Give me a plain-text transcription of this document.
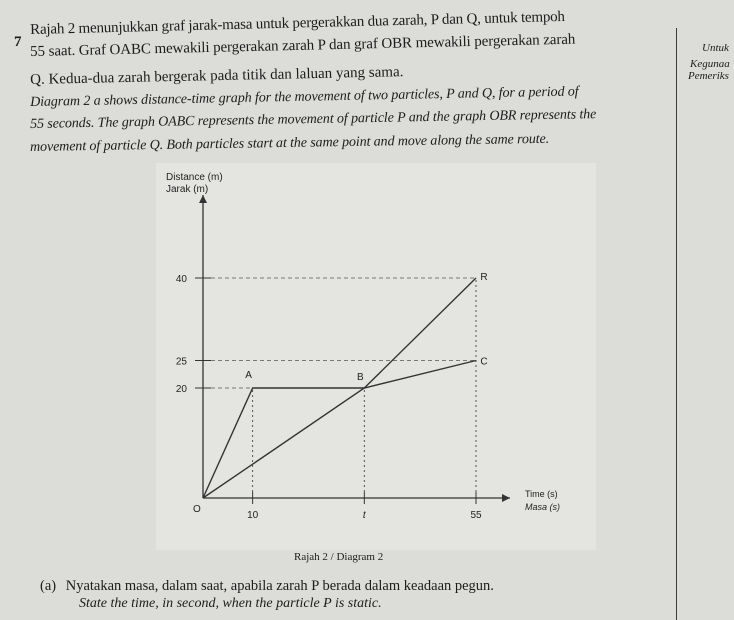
Untuk
Kegunaa
Pemeriks
7
Rajah 2 menunjukkan graf jarak-masa untuk pergerakkan dua zarah, P dan Q, untuk tempoh
55 saat. Graf OABC mewakili pergerakan zarah P dan graf OBR mewakili pergerakan zarah
Q. Kedua-dua zarah bergerak pada titik dan laluan yang sama.
Diagram 2 a shows distance-time graph for the movement of two particles, P and Q, for a period of
55 seconds. The graph OABC represents the movement of particle P and the graph OBR represents the
movement of particle Q. Both particles start at the same point and move along the same route.
Distance (m)
Jarak (m)
Time (s)
Masa (s)
O
20
25
40
10	t	55
A	B
C
R
Rajah 2 / Diagram 2
(a) Nyatakan masa, dalam saat, apabila zarah P berada dalam keadaan pegun.
State the time, in second, when the particle P is static.
